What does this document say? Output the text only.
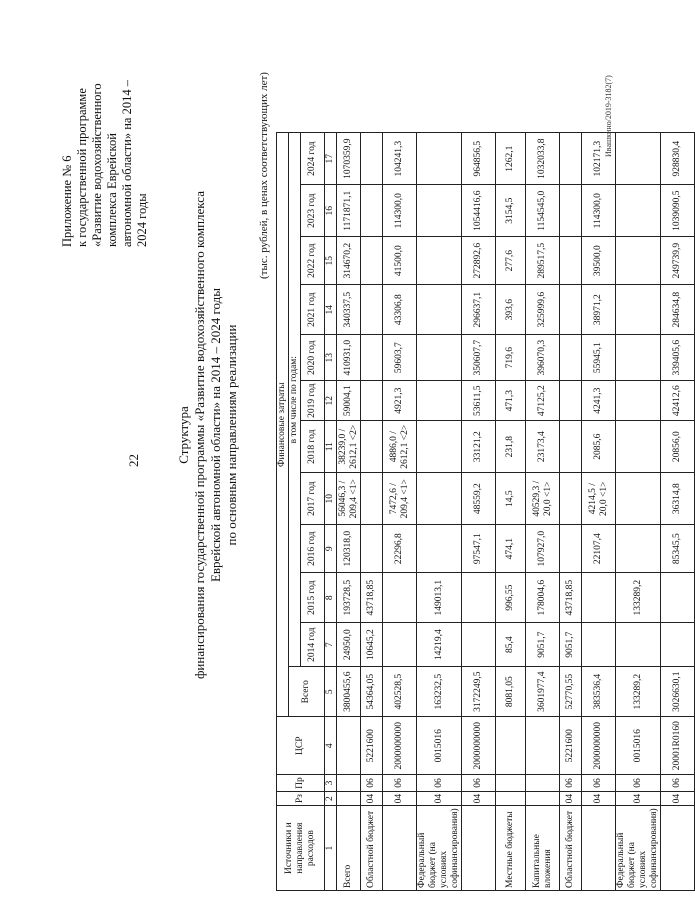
22
Приложение № 6 к государственной программе «Развитие водохозяйственного комплекса Еврейской автономной области» на 2014 – 2024 годы
Структура финансирования государственной программы «Развитие водохозяйственного комплекса Еврейской автономной области» на 2014 – 2024 годы по основным направлениям реализации
(тыс. рублей, в ценах соответствующих лет)
Источники и направления расходов	Рз	Пр	ЦСР	Финансовые затраты											
				Всего	в том числе по годам:										
					2014 год	2015 год	2016 год	2017 год	2018 год	2019 год	2020 год	2021 год	2022 год	2023 год	2024 год
1	2	3	4	5	7	8	9	10	11	12	13	14	15	16	17
Всего				3800455,6	24950,0	193728,5	120318,0	56046,3 / 209,4 <1>	38239,0 / 2612,1 <2>	59004,1	410931,0	340337,5	314670,2	1171871,1	1070359,9
Областной бюджет	04	06	5221600	54364,05	10645,2	43718,85									
	04	06	2000000000	402528,5			22296,8	7472,6 / 209,4 <1>	4886,0 / 2612,1 <2>	4921,3	59603,7	43306,8	41500,0	114300,0	104241,3
Федеральный бюджет (на условиях софинансирования)	04	06	0015016	163232,5	14219,4	149013,1									
	04	06	2000000000	3172249,5			97547,1	48559,2	33121,2	53611,5	350607,7	296637,1	272892,6	1054416,6	964856,5
Местные бюджеты				8081,05	85,4	996,55	474,1	14,5	231,8	471,3	719,6	393,6	277,6	3154,5	1262,1
Капитальные вложения				3601977,4	9051,7	178004,6	107927,0	40529,3 / 20,0 <1>	23173,4	47125,2	396070,3	325999,6	289517,5	1154545,0	1032033,8
Областной бюджет	04	06	5221600	52770,55	9051,7	43718,85									
	04	06	2000000000	383536,4			22107,4	4214,5 / 20,0 <1>	2085,6	4241,3	55945,1	38971,2	39500,0	114300,0	102171,3
Федеральный бюджет (на условиях софинансирования)	04	06	0015016	133289,2		133289,2									
	04	06	20001R0160	3026630,1			85345,5	36314,8	20856,0	42412,6	339405,6	284634,8	249739,9	1039090,5	928830,4
Ивашкино/2019-3182(7)
